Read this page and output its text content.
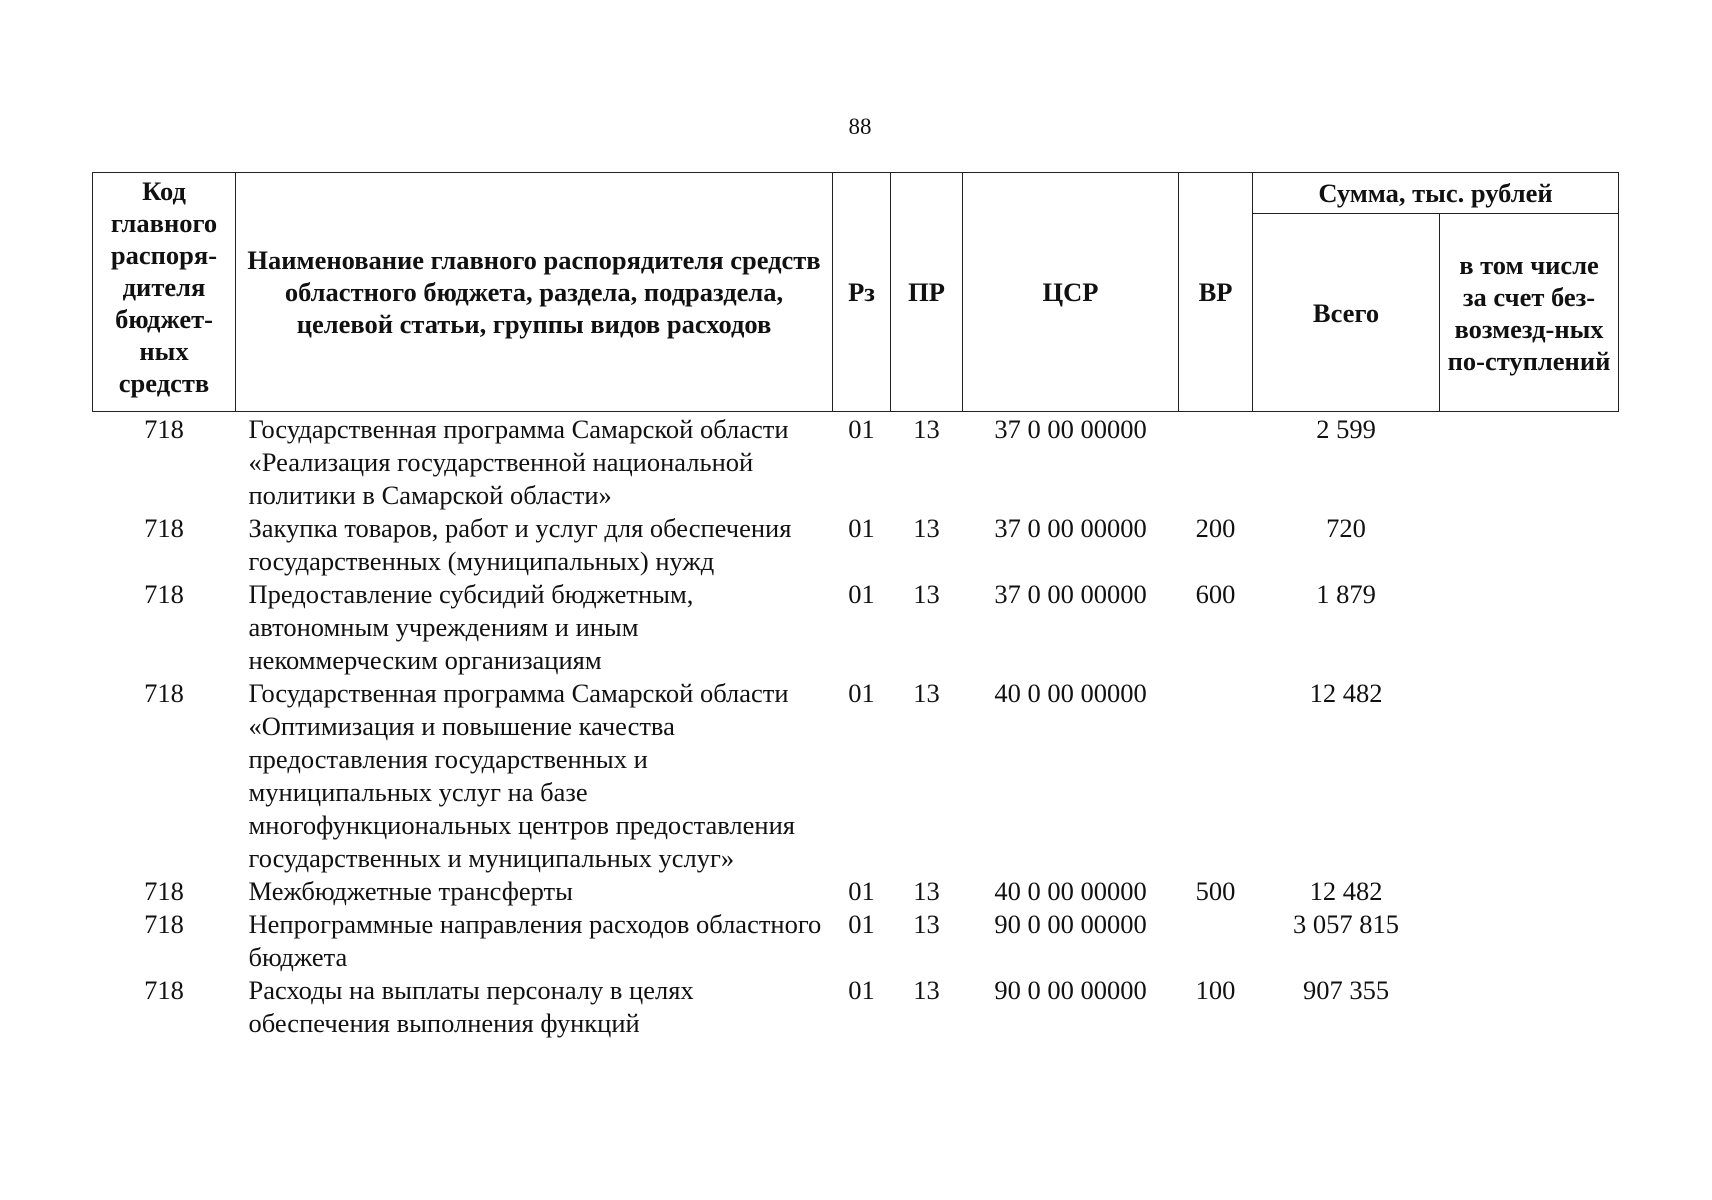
88
Код главного распоря-дителя бюджет-ных средств	Наименование главного распорядителя средств областного бюджета, раздела, подраздела, целевой статьи, группы видов расходов	Рз	ПР	ЦСР	ВР	Сумма, тыс. рублей	
						Всего	в том числе за счет без-возмезд-ных по-ступлений
718	Государственная программа Самарской области «Реализация государственной национальной политики в Самарской области»	01	13	37 0 00 00000		2 599	
718	Закупка товаров, работ и услуг для обеспечения государственных (муниципальных) нужд	01	13	37 0 00 00000	200	720	
718	Предоставление субсидий бюджетным, автономным учреждениям и иным некоммерческим организациям	01	13	37 0 00 00000	600	1 879	
718	Государственная программа Самарской области «Оптимизация и повышение качества предоставления государственных и муниципальных услуг на базе многофункциональных центров предоставления государственных и муниципальных услуг»	01	13	40 0 00 00000		12 482	
718	Межбюджетные трансферты	01	13	40 0 00 00000	500	12 482	
718	Непрограммные направления расходов областного бюджета	01	13	90 0 00 00000		3 057 815	
718	Расходы на выплаты персоналу в целях обеспечения выполнения функций	01	13	90 0 00 00000	100	907 355	
